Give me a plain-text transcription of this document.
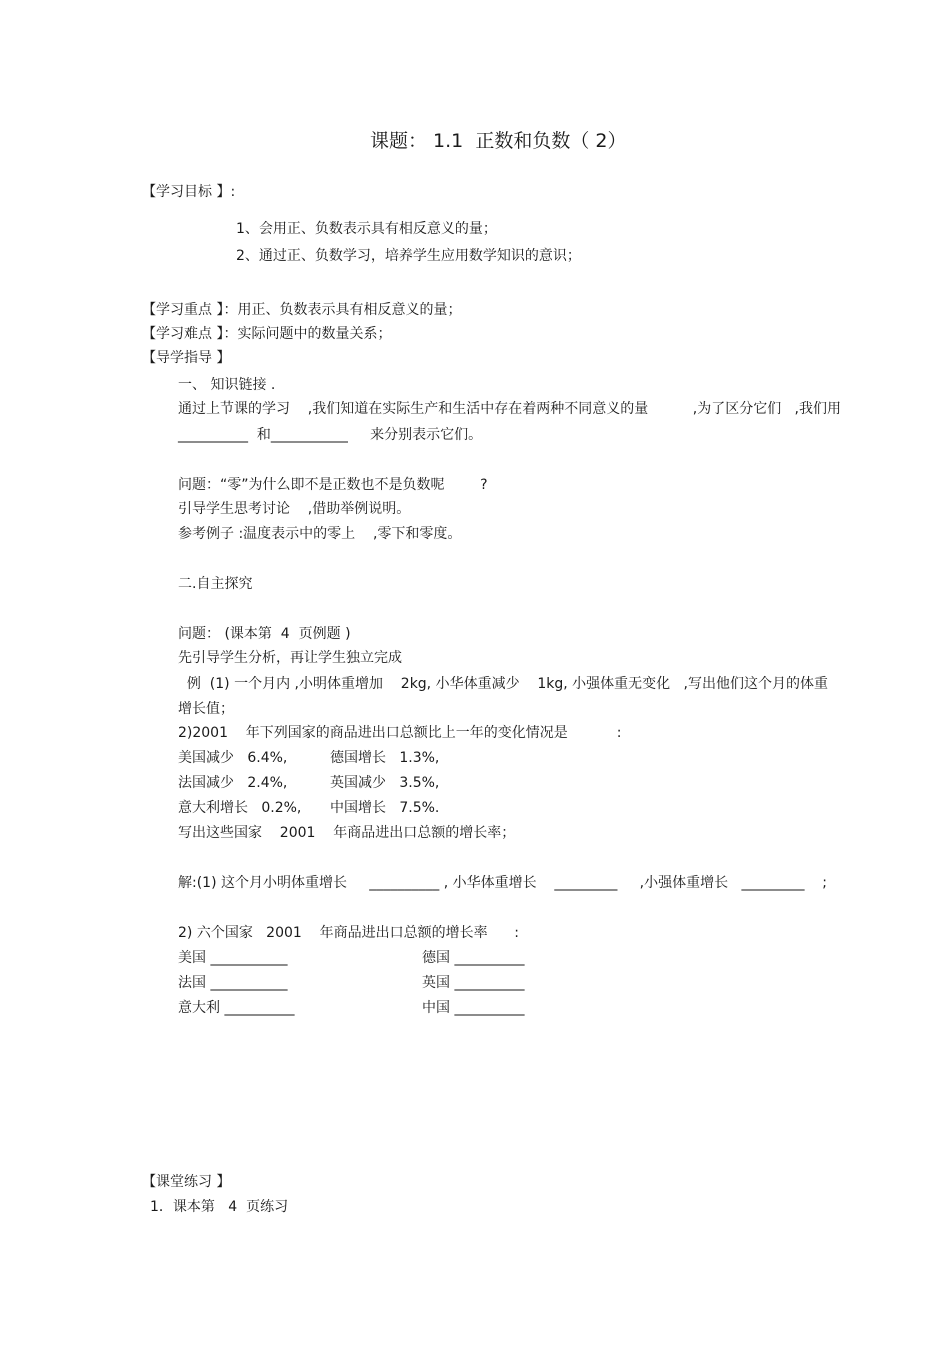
课题： 1.1  正数和负数（ 2）
【学习目标 】:
1、会用正、负数表示具有相反意义的量；
2、通过正、负数学习，培养学生应用数学知识的意识；
【学习重点 】：用正、负数表示具有相反意义的量；
【学习难点 】：实际问题中的数量关系；
【导学指导 】
一、 知识链接 .
通过上节课的学习    ,我们知道在实际生产和生活中存在着两种不同意义的量          ,为了区分它们   ,我们用
__________  和___________     来分别表示它们。
问题：“零”为什么即不是正数也不是负数呢        ?
引导学生思考讨论    ,借助举例说明。
参考例子 :温度表示中的零上    ,零下和零度。
二.自主探究
问题： (课本第  4  页例题 )
先引导学生分析，再让学生独立完成
例  (1) 一个月内 ,小明体重增加    2kg, 小华体重减少    1kg, 小强体重无变化   ,写出他们这个月的体重
增长值；
2)2001    年下列国家的商品进出口总额比上一年的变化情况是           :
美国减少   6.4%,	德国增长   1.3%,
法国减少   2.4%,	英国减少   3.5%,
意大利增长   0.2%, 中国增长   7.5%.
写出这些国家    2001    年商品进出口总额的增长率；
解:(1) 这个月小明体重增长     __________ , 小华体重增长    _________     ,小强体重增长   _________    ;
2) 六个国家   2001    年商品进出口总额的增长率      :
美国 ___________	德国 __________
法国 ___________	英国 __________
意大利 __________	中国 __________
【课堂练习 】
1．课本第   4  页练习
